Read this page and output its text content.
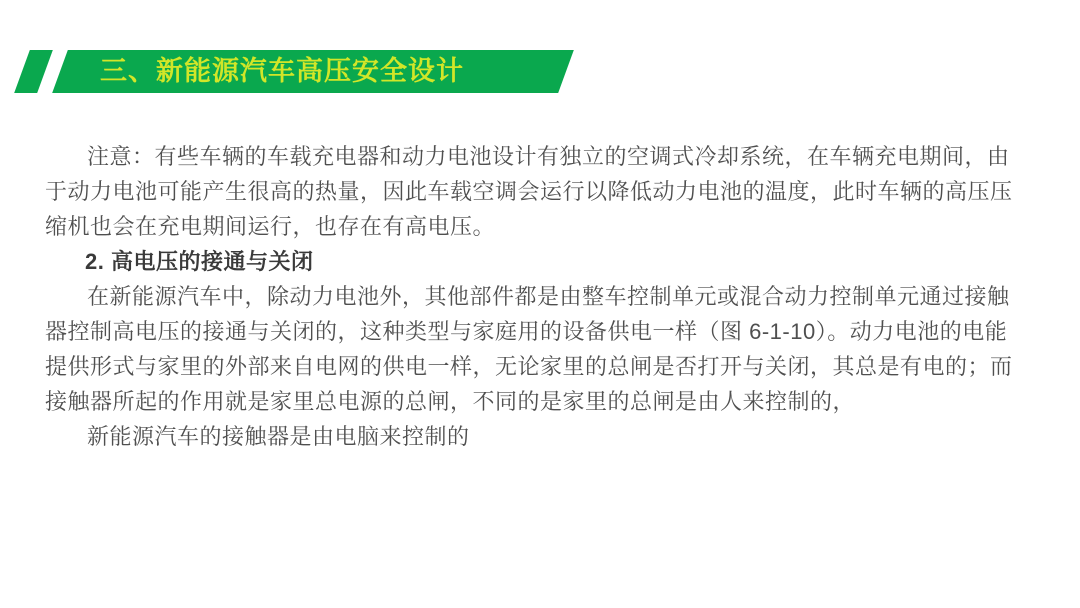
三、新能源汽车高压安全设计
注意：有些车辆的车载充电器和动力电池设计有独立的空调式冷却系统，在车辆充电期间，由
于动力电池可能产生很高的热量，因此车载空调会运行以降低动力电池的温度，此时车辆的高压压
缩机也会在充电期间运行，也存在有高电压。
2. 高电压的接通与关闭
在新能源汽车中，除动力电池外，其他部件都是由整车控制单元或混合动力控制单元通过接触
器控制高电压的接通与关闭的，这种类型与家庭用的设备供电一样（图 6-1-10）。动力电池的电能
提供形式与家里的外部来自电网的供电一样，无论家里的总闸是否打开与关闭，其总是有电的；而
接触器所起的作用就是家里总电源的总闸，不同的是家里的总闸是由人来控制的，
新能源汽车的接触器是由电脑来控制的
